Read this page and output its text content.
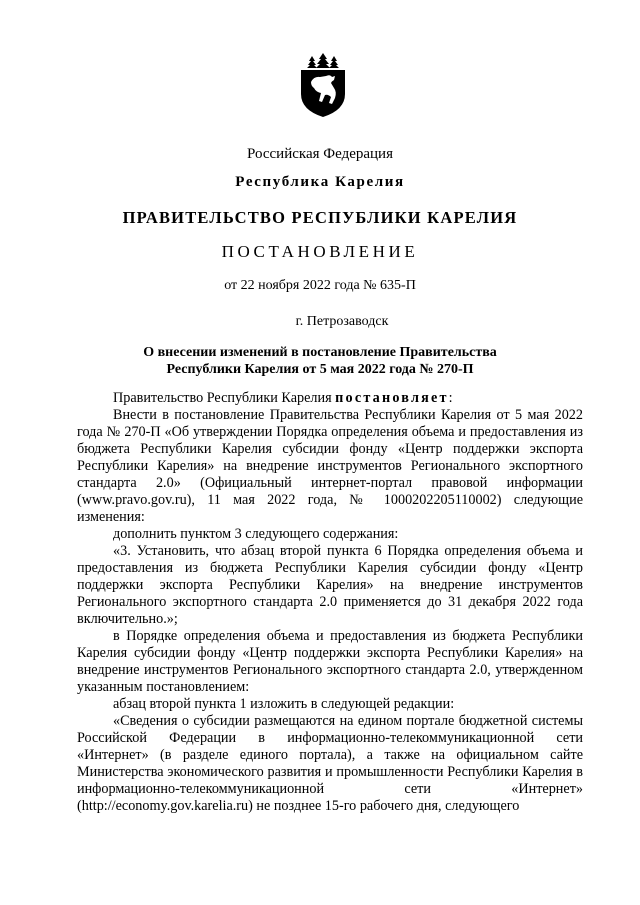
Российская Федерация
Республика Карелия
ПРАВИТЕЛЬСТВО РЕСПУБЛИКИ КАРЕЛИЯ
ПОСТАНОВЛЕНИЕ
от 22 ноября 2022 года № 635-П
г. Петрозаводск
О внесении изменений в постановление Правительства
Республики Карелия от 5 мая 2022 года № 270-П

Правительство Республики Карелия постановляет:

Внести в постановление Правительства Республики Карелия от 5 мая 2022 года № 270-П «Об утверждении Порядка определения объема и предоставления из бюджета Республики Карелия субсидии фонду «Центр поддержки экспорта Республики Карелия» на внедрение инструментов Регионального экспортного стандарта 2.0» (Официальный интернет-портал правовой информации (www.pravo.gov.ru), 11 мая 2022 года, № 1000202205110002) следующие изменения:

дополнить пунктом 3 следующего содержания:

«3. Установить, что абзац второй пункта 6 Порядка определения объема и предоставления из бюджета Республики Карелия субсидии фонду «Центр поддержки экспорта Республики Карелия» на внедрение инструментов Регионального экспортного стандарта 2.0 применяется до 31 декабря 2022 года включительно.»;

в Порядке определения объема и предоставления из бюджета Республики Карелия субсидии фонду «Центр поддержки экспорта Республики Карелия» на внедрение инструментов Регионального экспортного стандарта 2.0, утвержденном указанным постановлением:

абзац второй пункта 1 изложить в следующей редакции:

«Сведения о субсидии размещаются на едином портале бюджетной системы Российской Федерации в информационно-телекоммуникационной сети «Интернет» (в разделе единого портала), а также на официальном сайте Министерства экономического развития и промышленности Республики Карелия в информационно-телекоммуникационной сети «Интернет» (http://economy.gov.karelia.ru) не позднее 15-го рабочего дня, следующего
